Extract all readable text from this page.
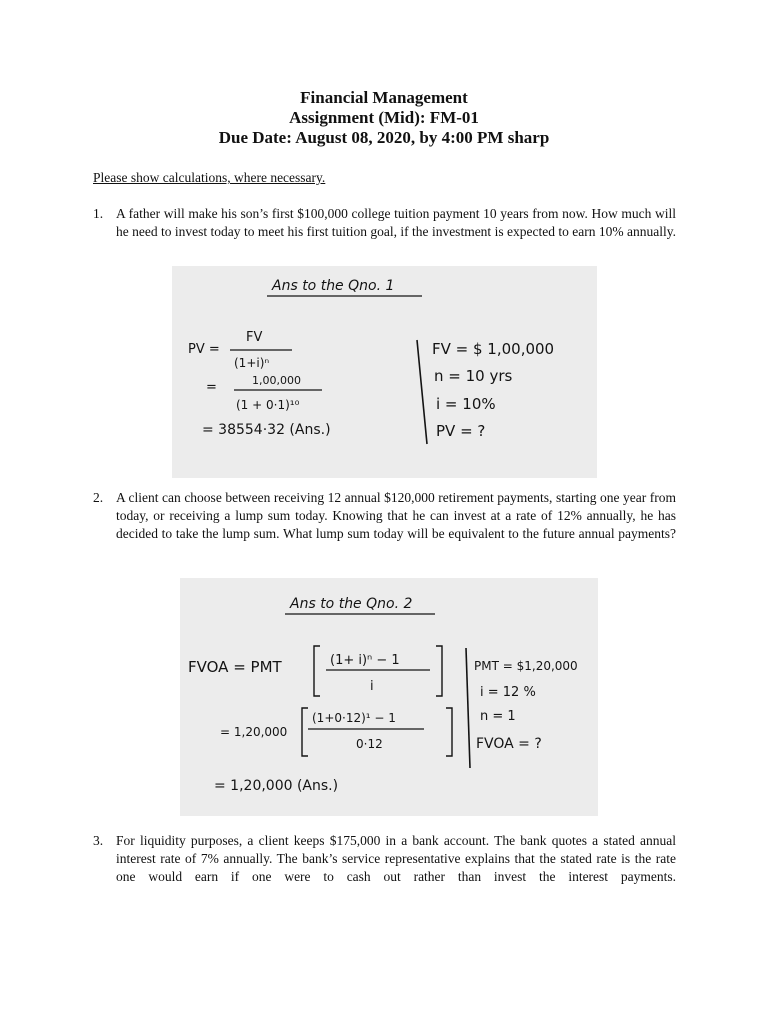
Financial Management
Assignment (Mid): FM-01
Due Date: August 08, 2020, by 4:00 PM sharp
Please show calculations, where necessary.
1. A father will make his son’s first $100,000 college tuition payment 10 years from now. How much will he need to invest today to meet his first tuition goal, if the investment is expected to earn 10% annually.
Ans to the Qno. 1
PV =
FV
(1+i)ⁿ
=	1,00,000
(1 + 0·1)¹⁰
= 38554·32 (Ans.)
FV = $ 1,00,000
n = 10 yrs
i = 10%
PV = ?
2. A client can choose between receiving 12 annual $120,000 retirement payments, starting one year from today, or receiving a lump sum today. Knowing that he can invest at a rate of 12% annually, he has decided to take the lump sum. What lump sum today will be equivalent to the future annual payments?
Ans to the Qno. 2
FVOA = PMT	(1+ i)ⁿ − 1
i
= 1,20,000
(1+0·12)¹ − 1
0·12
= 1,20,000 (Ans.)
PMT = $1,20,000
i = 12 %
n = 1
FVOA = ?
3. For liquidity purposes, a client keeps $175,000 in a bank account. The bank quotes a stated annual interest rate of 7% annually. The bank’s service representative explains that the stated rate is the rate one would earn if one were to cash out rather than invest the interest payments.
